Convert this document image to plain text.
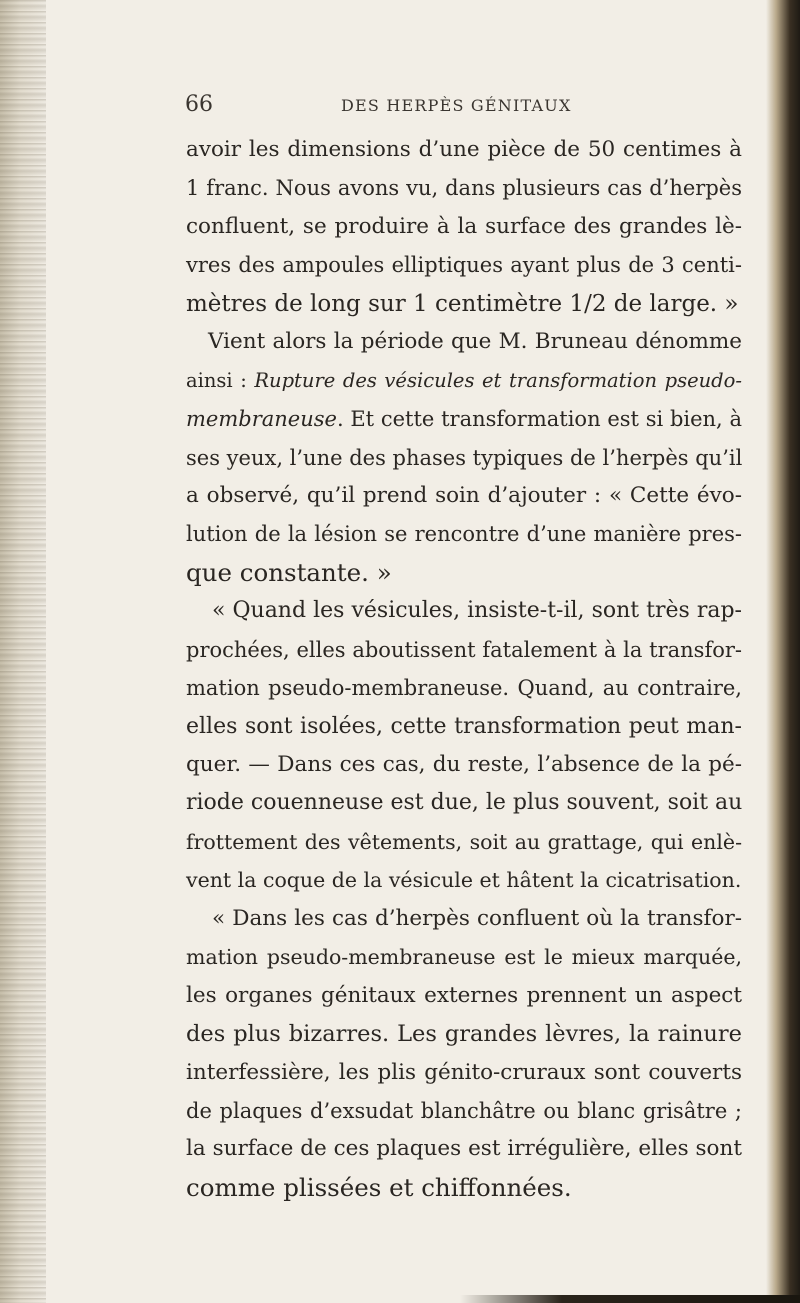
66	DES HERPÈS GÉNITAUX
avoir les dimensions d’une pièce de 50 centimes à
1 franc. Nous avons vu, dans plusieurs cas d’herpès
confluent, se produire à la surface des grandes lè-
vres des ampoules elliptiques ayant plus de 3 centi-
mètres de long sur 1 centimètre 1/2 de large. »
Vient alors la période que M. Bruneau dénomme
ainsi : Rupture des vésicules et transformation pseudo-
membraneuse. Et cette transformation est si bien, à
ses yeux, l’une des phases typiques de l’herpès qu’il
a observé, qu’il prend soin d’ajouter : « Cette évo-
lution de la lésion se rencontre d’une manière pres-
que constante. »
« Quand les vésicules, insiste-t-il, sont très rap-
prochées, elles aboutissent fatalement à la transfor-
mation pseudo-membraneuse. Quand, au contraire,
elles sont isolées, cette transformation peut man-
quer. — Dans ces cas, du reste, l’absence de la pé-
riode couenneuse est due, le plus souvent, soit au
frottement des vêtements, soit au grattage, qui enlè-
vent la coque de la vésicule et hâtent la cicatrisation.
« Dans les cas d’herpès confluent où la transfor-
mation pseudo-membraneuse est le mieux marquée,
les organes génitaux externes prennent un aspect
des plus bizarres. Les grandes lèvres, la rainure
interfessière, les plis génito-cruraux sont couverts
de plaques d’exsudat blanchâtre ou blanc grisâtre ;
la surface de ces plaques est irrégulière, elles sont
comme plissées et chiffonnées.
